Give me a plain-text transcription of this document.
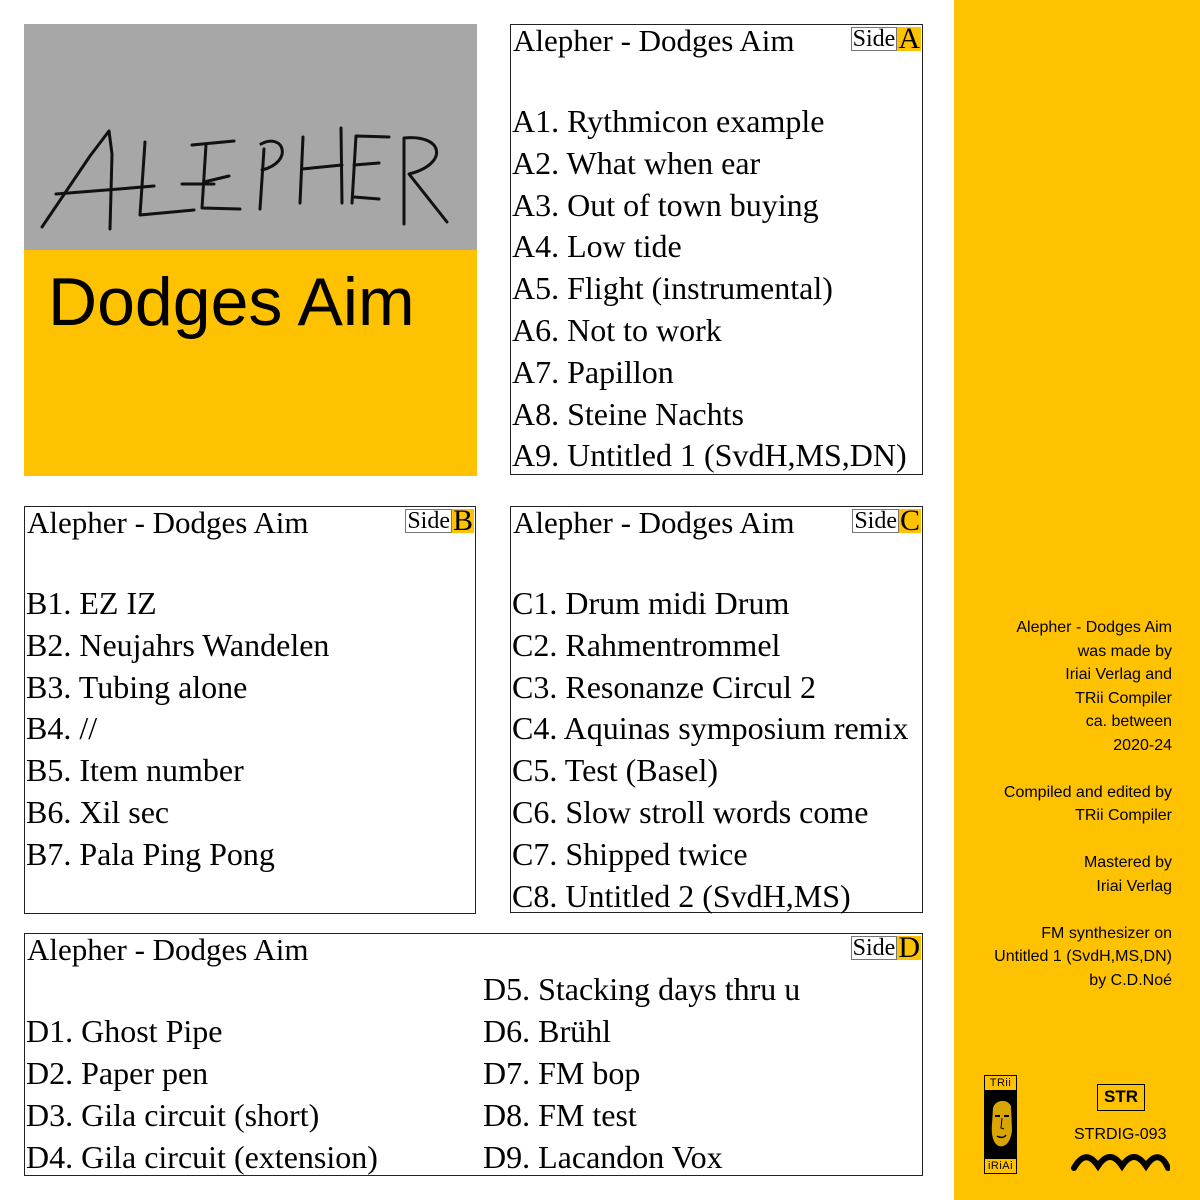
Dodges Aim
Alepher - Dodges Aim Side A
A1. Rythmicon example
A2. What when ear
A3. Out of town buying
A4. Low tide
A5. Flight (instrumental)
A6. Not to work
A7. Papillon
A8. Steine Nachts
A9. Untitled 1 (SvdH,MS,DN)
Alepher - Dodges Aim	Side B
B1. EZ IZ
B2. Neujahrs Wandelen
B3. Tubing alone
B4. //
B5. Item number
B6. Xil sec
B7. Pala Ping Pong
Alepher - Dodges Aim Side C
C1. Drum midi Drum
C2. Rahmentrommel
C3. Resonanze Circul 2
C4. Aquinas symposium remix
C5. Test (Basel)
C6. Slow stroll words come
C7. Shipped twice
C8. Untitled 2 (SvdH,MS)
Alepher - Dodges Aim	Side D
D1. Ghost Pipe
D2. Paper pen
D3. Gila circuit (short)
D4. Gila circuit (extension)
D5. Stacking days thru u
D6. Brühl
D7. FM bop
D8. FM test
D9. Lacandon Vox
Alepher - Dodges Aim
was made by
Iriai Verlag and
TRii Compiler
ca. between
2020-24
Compiled and edited by
TRii Compiler
Mastered by
Iriai Verlag
FM synthesizer on
Untitled 1 (SvdH,MS,DN)
by C.D.Noé
TRii
iRiAi
STR
STRDIG-093
